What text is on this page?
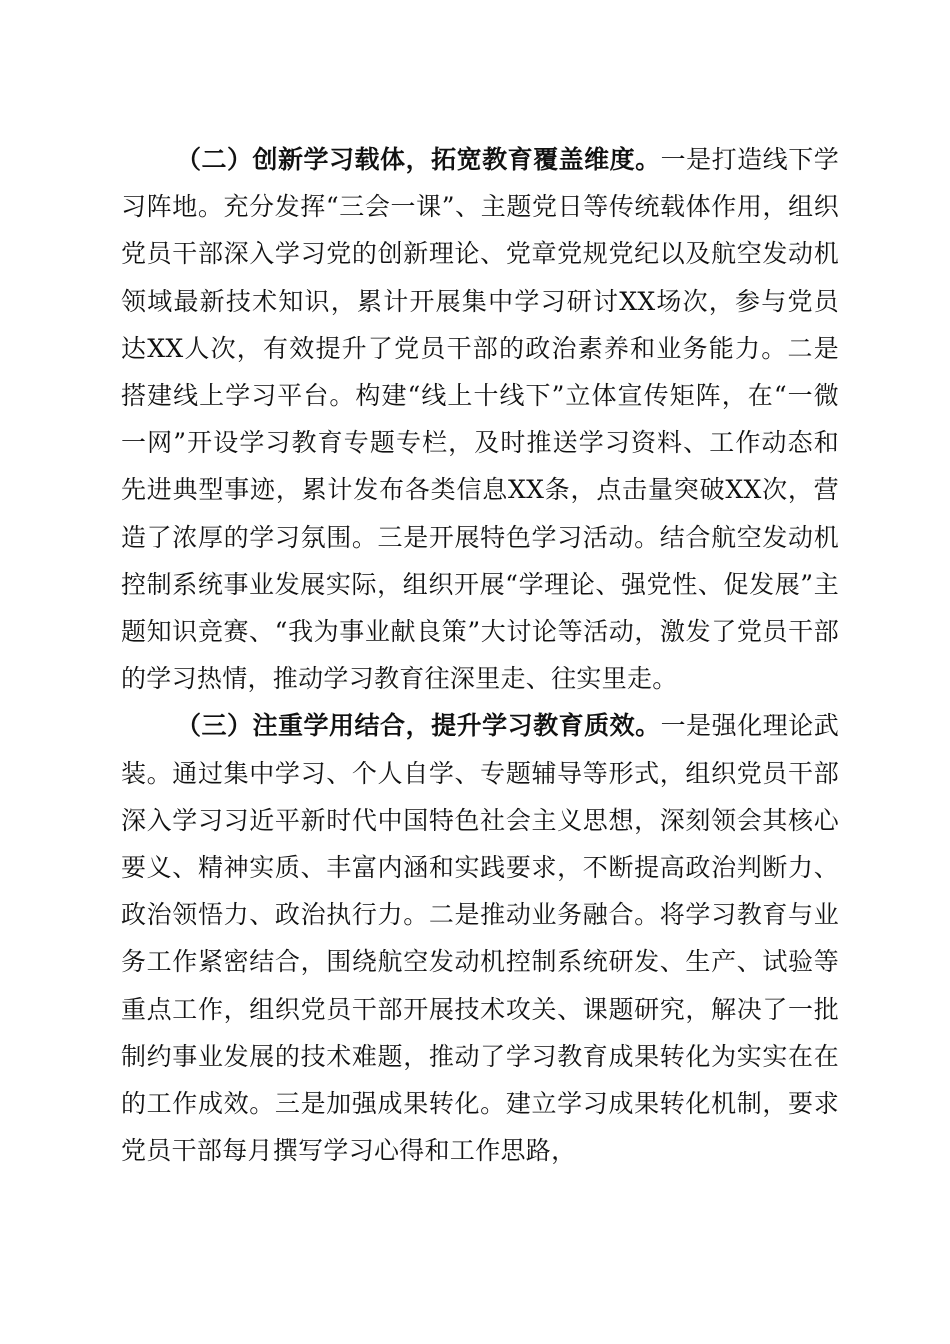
（二）创新学习载体，拓宽教育覆盖维度。一是打造线下学习阵地。充分发挥“三会一课”、主题党日等传统载体作用，组织党员干部深入学习党的创新理论、党章党规党纪以及航空发动机领域最新技术知识，累计开展集中学习研讨XX场次，参与党员达XX人次，有效提升了党员干部的政治素养和业务能力。二是搭建线上学习平台。构建“线上十线下”立体宣传矩阵，在“一微一网”开设学习教育专题专栏，及时推送学习资料、工作动态和先进典型事迹，累计发布各类信息XX条，点击量突破XX次，营造了浓厚的学习氛围。三是开展特色学习活动。结合航空发动机控制系统事业发展实际，组织开展“学理论、强党性、促发展”主题知识竞赛、“我为事业献良策”大讨论等活动，激发了党员干部的学习热情，推动学习教育往深里走、往实里走。

（三）注重学用结合，提升学习教育质效。一是强化理论武装。通过集中学习、个人自学、专题辅导等形式，组织党员干部深入学习习近平新时代中国特色社会主义思想，深刻领会其核心要义、精神实质、丰富内涵和实践要求，不断提高政治判断力、政治领悟力、政治执行力。二是推动业务融合。将学习教育与业务工作紧密结合，围绕航空发动机控制系统研发、生产、试验等重点工作，组织党员干部开展技术攻关、课题研究，解决了一批制约事业发展的技术难题，推动了学习教育成果转化为实实在在的工作成效。三是加强成果转化。建立学习成果转化机制，要求党员干部每月撰写学习心得和工作思路，
